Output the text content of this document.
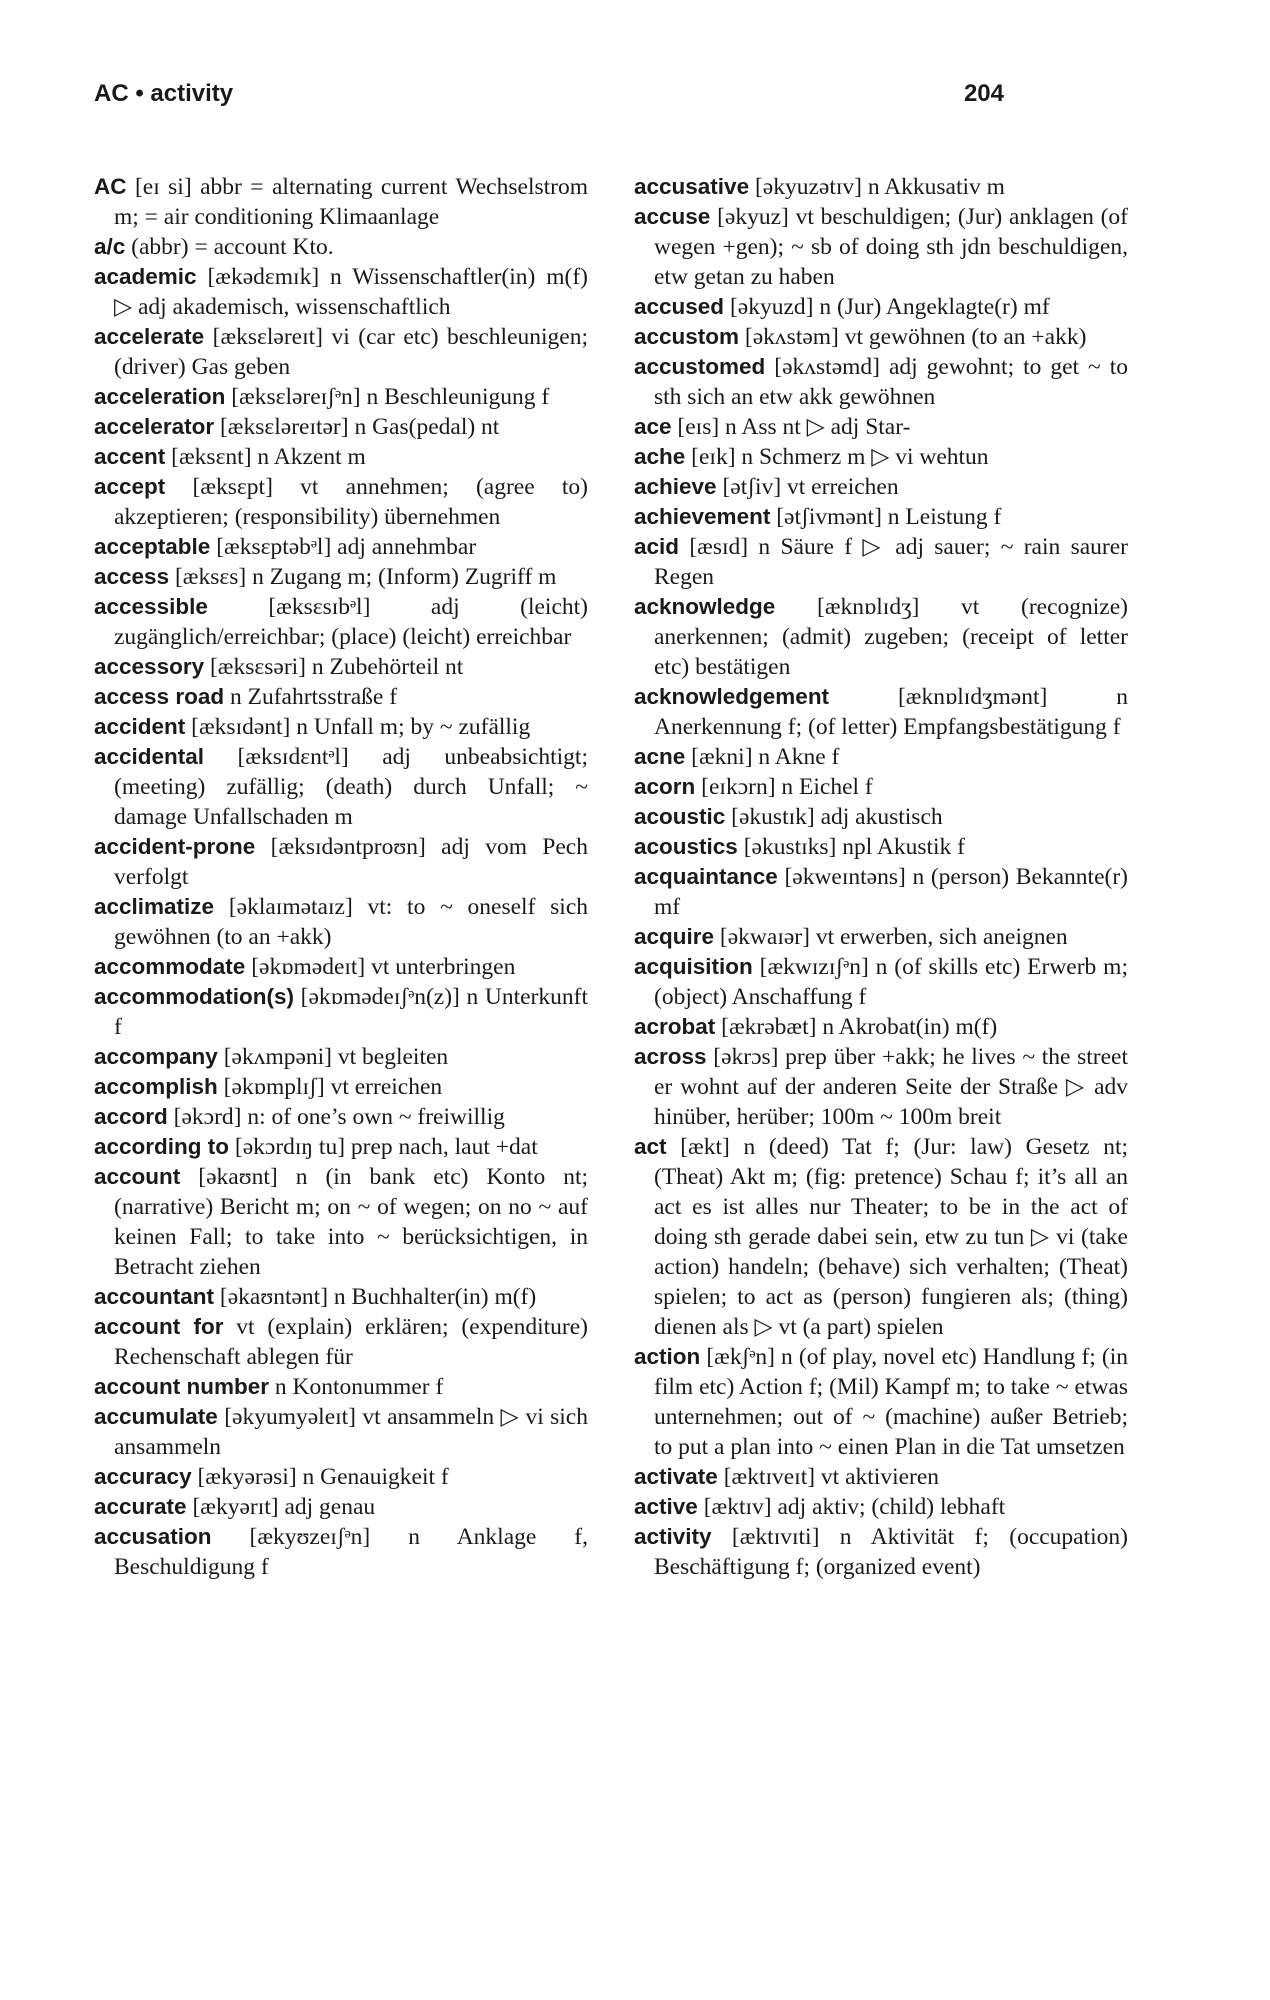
AC • activity	204

AC [eɪ si] abbr = alternating current Wechselstrom m; = air conditioning Klimaanlage

a/c (abbr) = account Kto.

academic [ækədɛmɪk] n Wissenschaftler(in) m(f) ▷ adj akademisch, wissenschaftlich

accelerate [æksɛləreɪt] vi (car etc) beschleunigen; (driver) Gas geben

acceleration [æksɛləreɪʃᵊn] n Beschleunigung f

accelerator [æksɛləreɪtər] n Gas(pedal) nt

accent [æksɛnt] n Akzent m

accept [æksɛpt] vt annehmen; (agree to) akzeptieren; (responsibility) übernehmen

acceptable [æksɛptəbᵊl] adj annehmbar

access [æksɛs] n Zugang m; (Inform) Zugriff m

accessible [æksɛsɪbᵊl] adj (leicht) zugänglich/erreichbar; (place) (leicht) erreichbar

accessory [æksɛsəri] n Zubehörteil nt

access road n Zufahrtsstraße f

accident [æksɪdənt] n Unfall m; by ~ zufällig

accidental [æksɪdɛntᵊl] adj unbeabsichtigt; (meeting) zufällig; (death) durch Unfall; ~ damage Unfallschaden m

accident-prone [æksɪdəntproʊn] adj vom Pech verfolgt

acclimatize [əklaɪmətaɪz] vt: to ~ oneself sich gewöhnen (to an +akk)

accommodate [əkɒmədeɪt] vt unterbringen

accommodation(s) [əkɒmədeɪʃᵊn(z)] n Unterkunft f

accompany [əkʌmpəni] vt begleiten

accomplish [əkɒmplɪʃ] vt erreichen

accord [əkɔrd] n: of one’s own ~ freiwillig

according to [əkɔrdɪŋ tu] prep nach, laut +dat

account [əkaʊnt] n (in bank etc) Konto nt; (narrative) Bericht m; on ~ of wegen; on no ~ auf keinen Fall; to take into ~ berücksichtigen, in Betracht ziehen

accountant [əkaʊntənt] n Buchhalter(in) m(f)

account for vt (explain) erklären; (expenditure) Rechenschaft ablegen für

account number n Kontonummer f

accumulate [əkyumyəleɪt] vt ansammeln ▷ vi sich ansammeln

accuracy [ækyərəsi] n Genauigkeit f

accurate [ækyərɪt] adj genau

accusation [ækyʊzeɪʃᵊn] n Anklage f, Beschuldigung f

accusative [əkyuzətɪv] n Akkusativ m

accuse [əkyuz] vt beschuldigen; (Jur) anklagen (of wegen +gen); ~ sb of doing sth jdn beschuldigen, etw getan zu haben

accused [əkyuzd] n (Jur) Angeklagte(r) mf

accustom [əkʌstəm] vt gewöhnen (to an +akk)

accustomed [əkʌstəmd] adj gewohnt; to get ~ to sth sich an etw akk gewöhnen

ace [eɪs] n Ass nt ▷ adj Star-

ache [eɪk] n Schmerz m ▷ vi wehtun

achieve [ətʃiv] vt erreichen

achievement [ətʃivmənt] n Leistung f

acid [æsɪd] n Säure f ▷ adj sauer; ~ rain saurer Regen

acknowledge [æknɒlɪdʒ] vt (recognize) anerkennen; (admit) zugeben; (receipt of letter etc) bestätigen

acknowledgement [æknɒlɪdʒmənt] n Anerkennung f; (of letter) Empfangsbestätigung f

acne [ækni] n Akne f

acorn [eɪkɔrn] n Eichel f

acoustic [əkustɪk] adj akustisch

acoustics [əkustɪks] npl Akustik f

acquaintance [əkweɪntəns] n (person) Bekannte(r) mf

acquire [əkwaɪər] vt erwerben, sich aneignen

acquisition [ækwɪzɪʃᵊn] n (of skills etc) Erwerb m; (object) Anschaffung f

acrobat [ækrəbæt] n Akrobat(in) m(f)

across [əkrɔs] prep über +akk; he lives ~ the street er wohnt auf der anderen Seite der Straße ▷ adv hinüber, herüber; 100m ~ 100m breit

act [ækt] n (deed) Tat f; (Jur: law) Gesetz nt; (Theat) Akt m; (fig: pretence) Schau f; it’s all an act es ist alles nur Theater; to be in the act of doing sth gerade dabei sein, etw zu tun ▷ vi (take action) handeln; (behave) sich verhalten; (Theat) spielen; to act as (person) fungieren als; (thing) dienen als ▷ vt (a part) spielen

action [ækʃᵊn] n (of play, novel etc) Handlung f; (in film etc) Action f; (Mil) Kampf m; to take ~ etwas unternehmen; out of ~ (machine) außer Betrieb; to put a plan into ~ einen Plan in die Tat umsetzen

activate [æktɪveɪt] vt aktivieren

active [æktɪv] adj aktiv; (child) lebhaft

activity [æktɪvɪti] n Aktivität f; (occupation) Beschäftigung f; (organized event)
